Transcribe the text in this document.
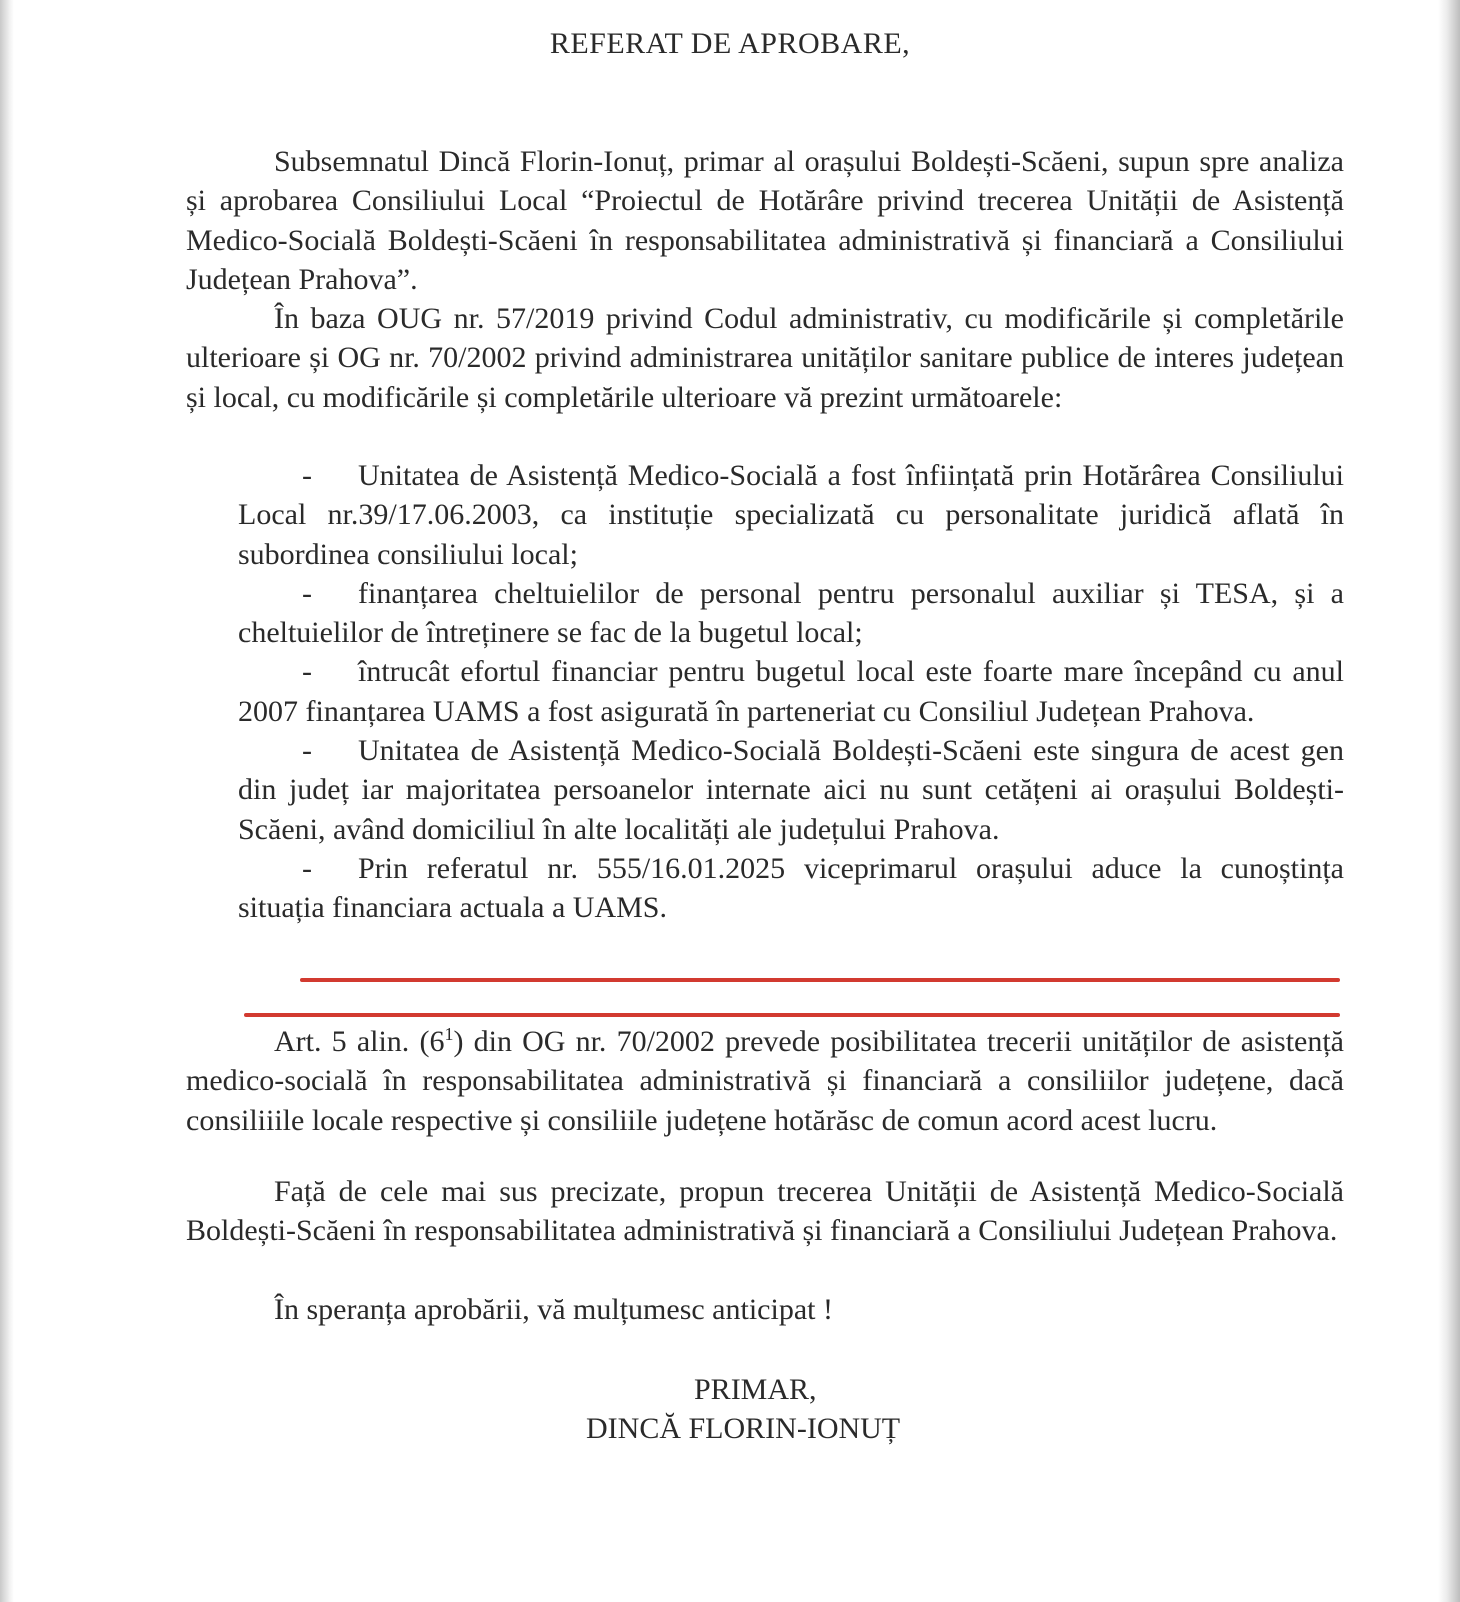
REFERAT DE APROBARE,
Subsemnatul Dincă Florin-Ionuț, primar al orașului Boldești-Scăeni, supun spre analiza și aprobarea Consiliului Local “Proiectul de Hotărâre privind trecerea Unității de Asistență Medico-Socială Boldești-Scăeni în responsabilitatea administrativă și financiară a Consiliului Județean Prahova”.
În baza OUG nr. 57/2019 privind Codul administrativ, cu modificările și completările ulterioare și OG nr. 70/2002 privind administrarea unităților sanitare publice de interes județean și local, cu modificările și completările ulterioare vă prezint următoarele:
- Unitatea de Asistență Medico-Socială a fost înființată prin Hotărârea Consiliului Local nr.39/17.06.2003, ca instituție specializată cu personalitate juridică aflată în subordinea consiliului local;
- finanțarea cheltuielilor de personal pentru personalul auxiliar și TESA, și a cheltuielilor de întreținere se fac de la bugetul local;
- întrucât efortul financiar pentru bugetul local este foarte mare începând cu anul 2007 finanțarea UAMS a fost asigurată în parteneriat cu Consiliul Județean Prahova.
- Unitatea de Asistență Medico-Socială Boldești-Scăeni este singura de acest gen din județ iar majoritatea persoanelor internate aici nu sunt cetățeni ai orașului Boldești-Scăeni, având domiciliul în alte localități ale județului Prahova.
- Prin referatul nr. 555/16.01.2025 viceprimarul orașului aduce la cunoștința situația financiara actuala a UAMS.
Art. 5 alin. $(6^1)$ din OG nr. 70/2002 prevede posibilitatea trecerii unităților de asistență medico-socială în responsabilitatea administrativă și financiară a consiliilor județene, dacă consiliiile locale respective și consiliile județene hotărăsc de comun acord acest lucru.
Față de cele mai sus precizate, propun trecerea Unității de Asistență Medico-Socială Boldești-Scăeni în responsabilitatea administrativă și financiară a Consiliului Județean Prahova.
În speranța aprobării, vă mulțumesc anticipat !
PRIMAR,
DINCĂ FLORIN-IONUȚ
